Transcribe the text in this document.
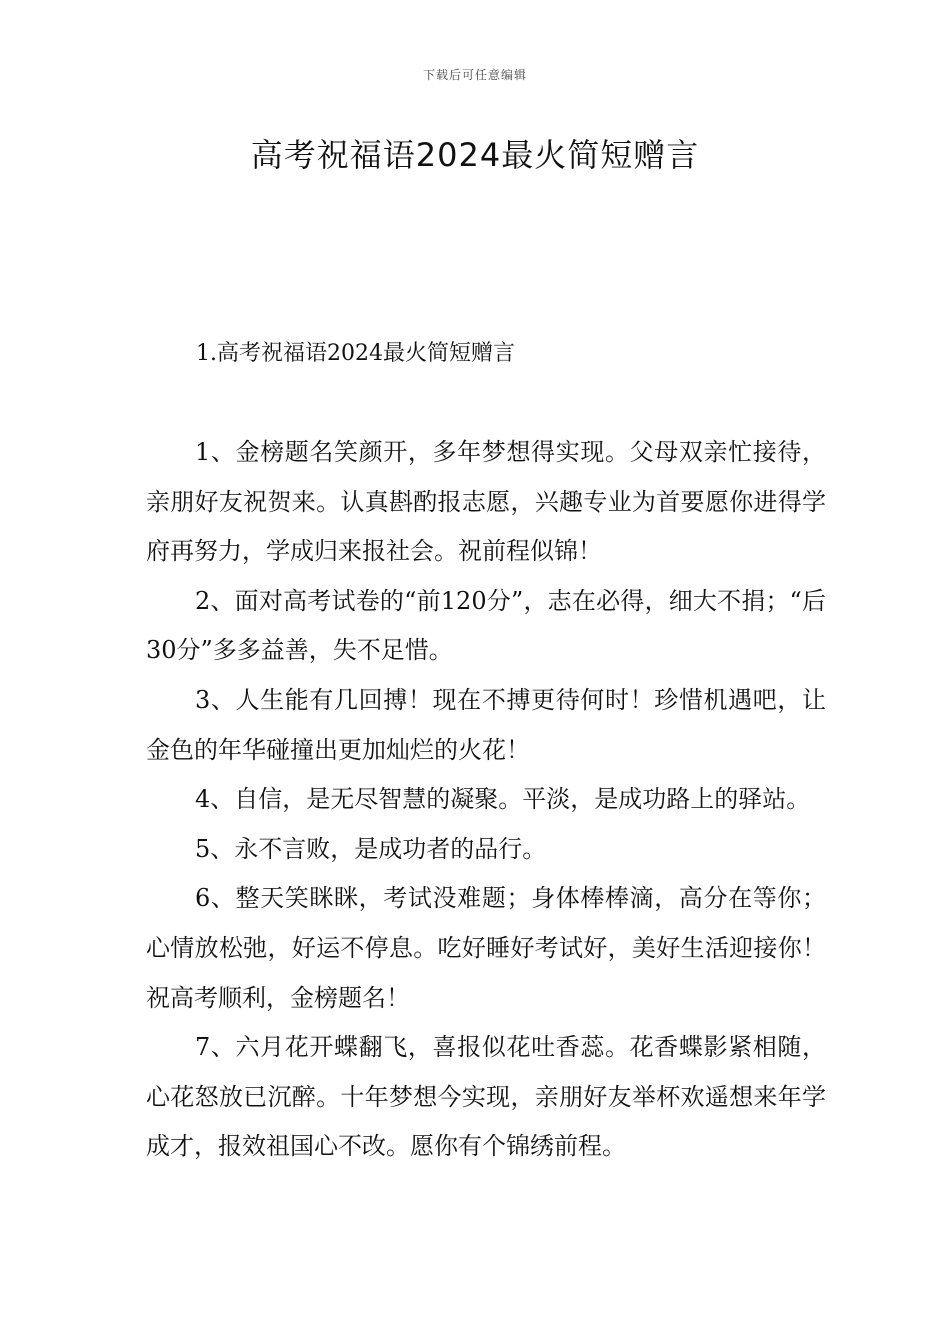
下载后可任意编辑
高考祝福语2024最火简短赠言
1.高考祝福语2024最火简短赠言

1、金榜题名笑颜开，多年梦想得实现。父母双亲忙接待，亲朋好友祝贺来。认真斟酌报志愿，兴趣专业为首要愿你进得学府再努力，学成归来报社会。祝前程似锦！

2、面对高考试卷的“前120分”，志在必得，细大不捐；“后30分”多多益善，失不足惜。

3、人生能有几回搏！现在不搏更待何时！珍惜机遇吧，让金色的年华碰撞出更加灿烂的火花！

4、自信，是无尽智慧的凝聚。平淡，是成功路上的驿站。

5、永不言败，是成功者的品行。

6、整天笑眯眯，考试没难题；身体棒棒滴，高分在等你；心情放松弛，好运不停息。吃好睡好考试好，美好生活迎接你！祝高考顺利，金榜题名！

7、六月花开蝶翻飞，喜报似花吐香蕊。花香蝶影紧相随，心花怒放已沉醉。十年梦想今实现，亲朋好友举杯欢遥想来年学成才，报效祖国心不改。愿你有个锦绣前程。
